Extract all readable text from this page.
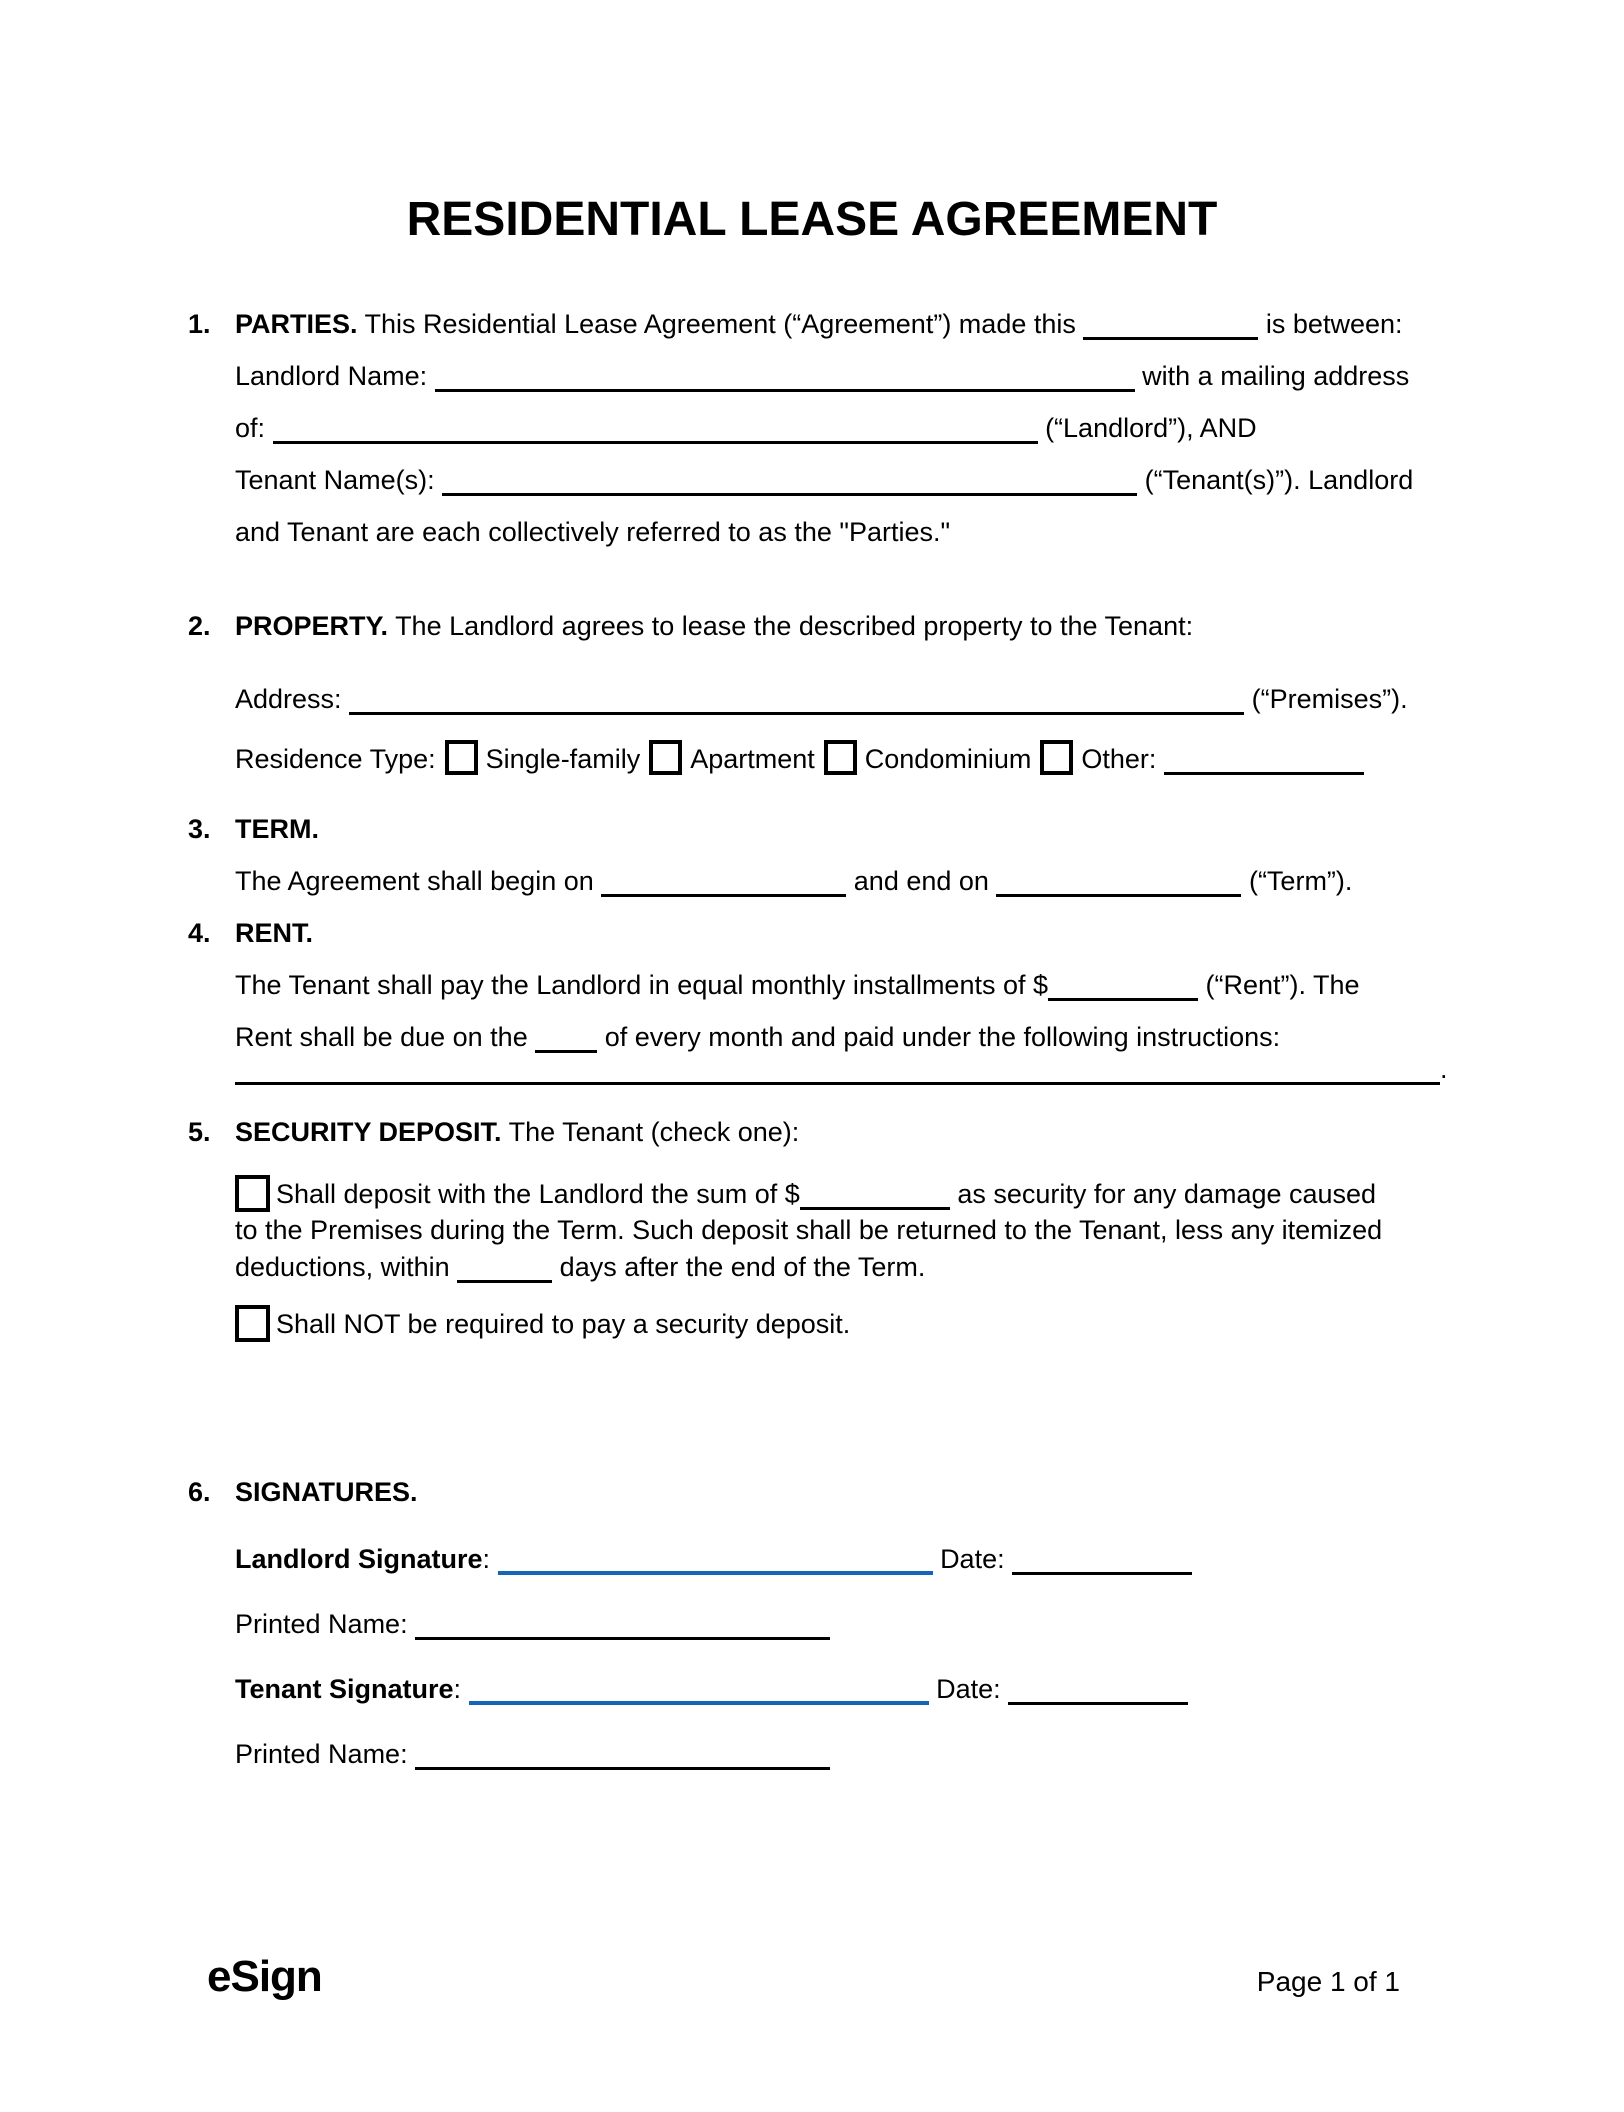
RESIDENTIAL LEASE AGREEMENT
1. PARTIES. This Residential Lease Agreement (“Agreement”) made this	is between:
Landlord Name:	with a mailing address
of:	(“Landlord”), AND
Tenant Name(s):	(“Tenant(s)”). Landlord
and Tenant are each collectively referred to as the "Parties."
2. PROPERTY. The Landlord agrees to lease the described property to the Tenant:
Address:	(“Premises”).
Residence Type: Single-family Apartment Condominium Other:
3. TERM.
The Agreement shall begin on	and end on	(“Term”).
4. RENT.
The Tenant shall pay the Landlord in equal monthly installments of $	(“Rent”). The
Rent shall be due on the	of every month and paid under the following instructions:
.
5. SECURITY DEPOSIT. The Tenant (check one):
Shall deposit with the Landlord the sum of $	as security for any damage caused
to the Premises during the Term. Such deposit shall be returned to the Tenant, less any itemized
deductions, within	days after the end of the Term.
Shall NOT be required to pay a security deposit.
6. SIGNATURES.
Landlord Signature:	Date:
Printed Name:
Tenant Signature:	Date:
Printed Name:
eSign	Page 1 of 1
